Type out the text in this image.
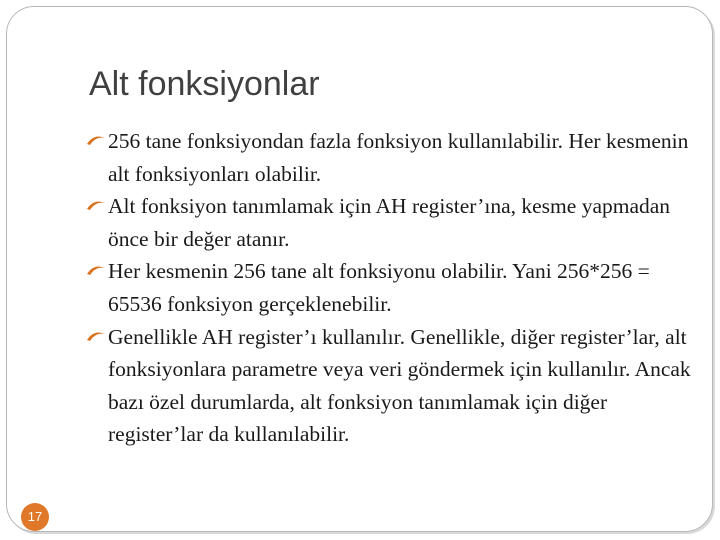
Alt fonksiyonlar
256 tane fonksiyondan fazla fonksiyon kullanılabilir. Her kesmenin alt fonksiyonları olabilir.
Alt fonksiyon tanımlamak için AH register’ına, kesme yapmadan önce bir değer atanır.
Her kesmenin 256 tane alt fonksiyonu olabilir. Yani 256*256 = 65536 fonksiyon gerçeklenebilir.
Genellikle AH register’ı kullanılır. Genellikle, diğer register’lar, alt fonksiyonlara parametre veya veri göndermek için kullanılır. Ancak bazı özel durumlarda, alt fonksiyon tanımlamak için diğer register’lar da kullanılabilir.
17
